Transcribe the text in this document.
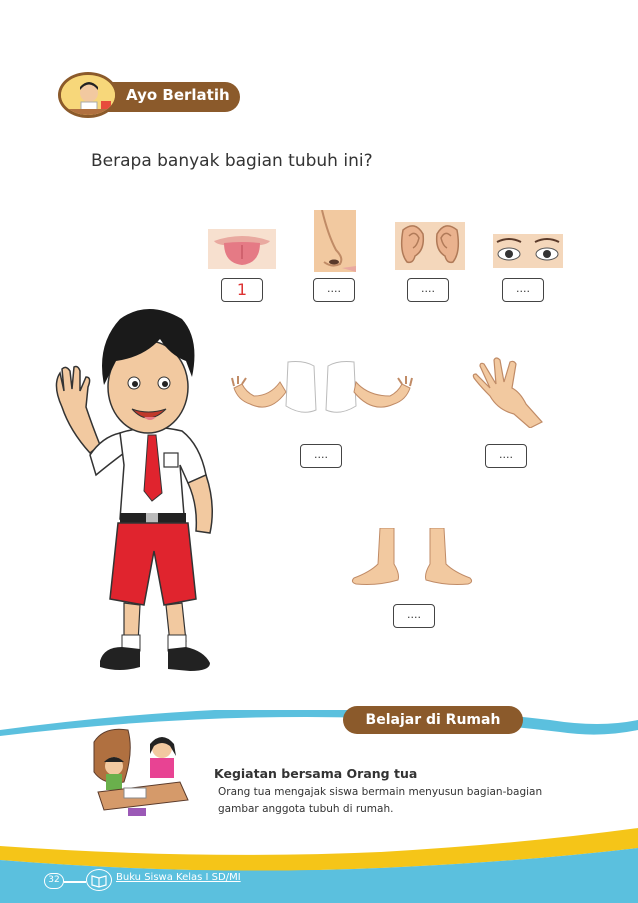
Ayo Berlatih
Berapa banyak bagian tubuh ini?
1	....	....	....
....	....
....
Belajar di Rumah
Kegiatan bersama Orang tua
Orang tua mengajak siswa bermain menyusun bagian-bagian gambar anggota tubuh di rumah.
32	Buku Siswa Kelas I SD/MI
